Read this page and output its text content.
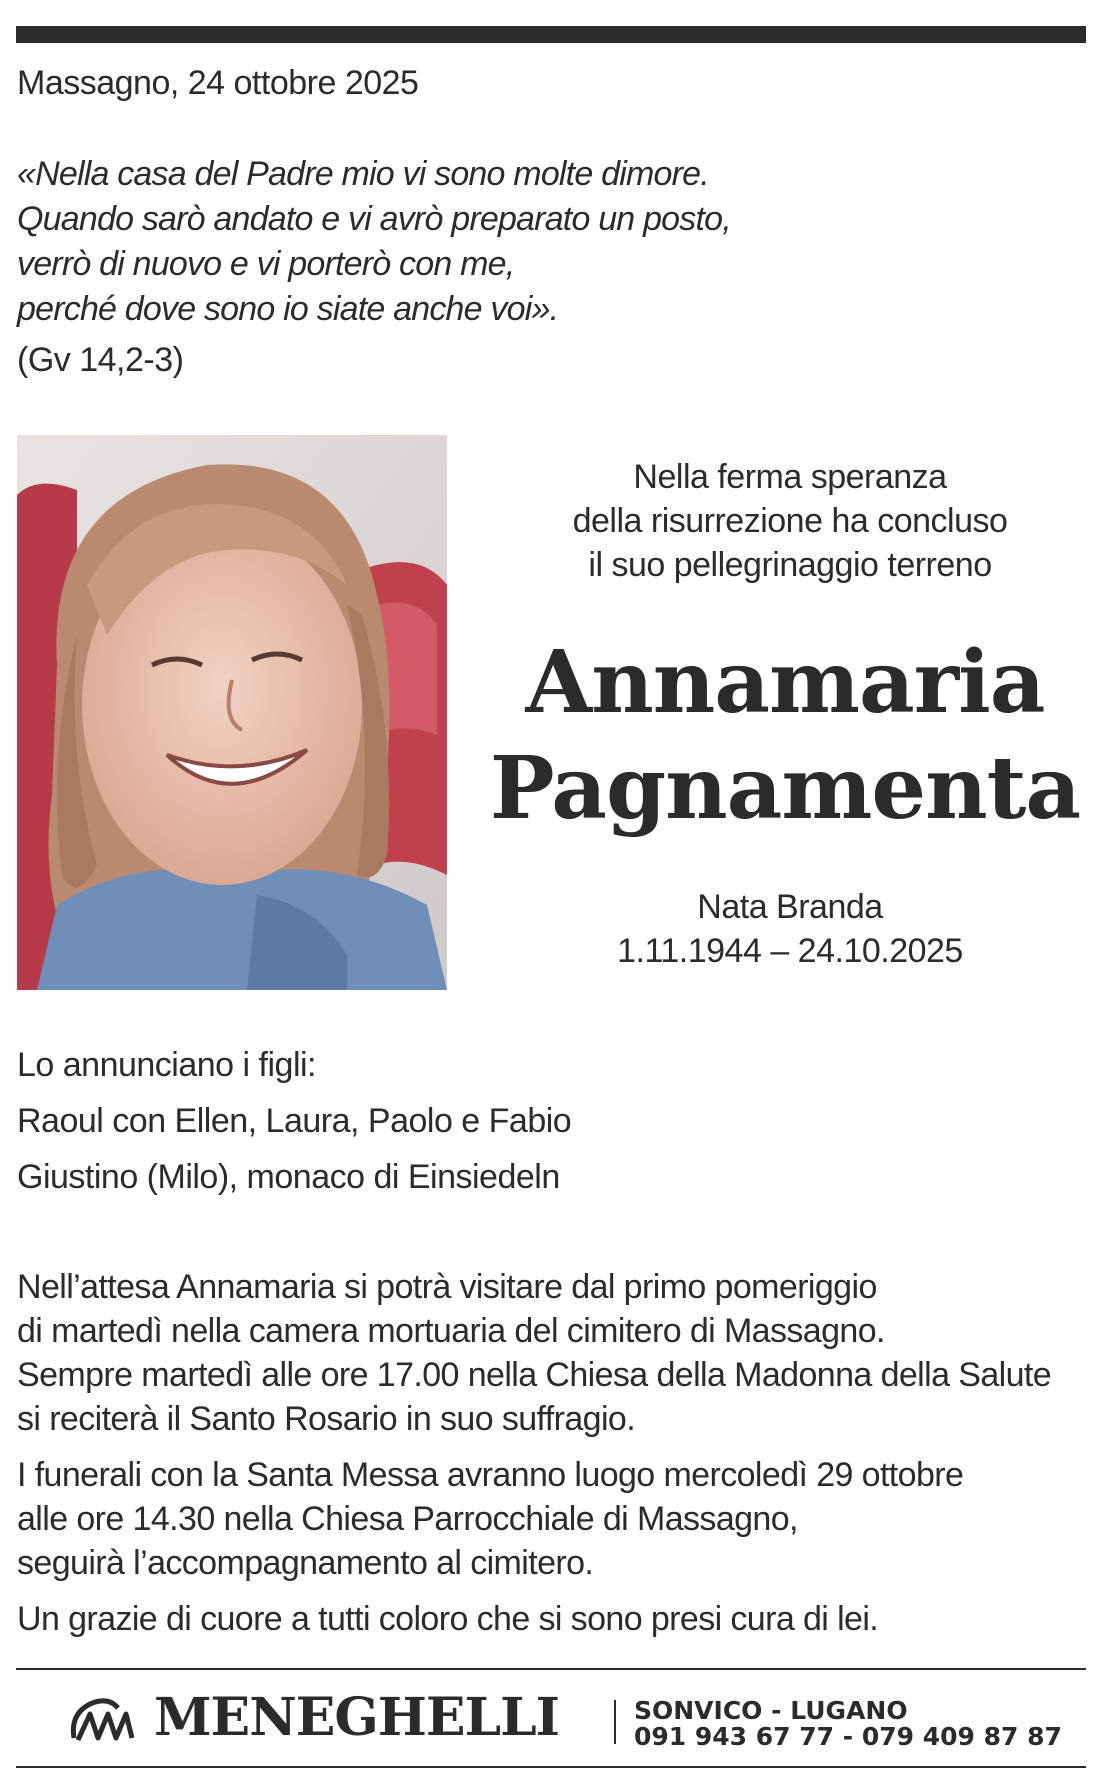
Massagno, 24 ottobre 2025
«Nella casa del Padre mio vi sono molte dimore.
Quando sarò andato e vi avrò preparato un posto,
verrò di nuovo e vi porterò con me,
perché dove sono io siate anche voi».
(Gv 14,2-3)
Nella ferma speranza
della risurrezione ha concluso
il suo pellegrinaggio terreno
Annamaria
Pagnamenta
Nata Branda
1.11.1944 – 24.10.2025
Lo annunciano i figli:
Raoul con Ellen, Laura, Paolo e Fabio
Giustino (Milo), monaco di Einsiedeln

Nell’attesa Annamaria si potrà visitare dal primo pomeriggio
di martedì nella camera mortuaria del cimitero di Massagno.
Sempre martedì alle ore 17.00 nella Chiesa della Madonna della Salute
si reciterà il Santo Rosario in suo suffragio.

I funerali con la Santa Messa avranno luogo mercoledì 29 ottobre
alle ore 14.30 nella Chiesa Parrocchiale di Massagno,
seguirà l’accompagnamento al cimitero.

Un grazie di cuore a tutti coloro che si sono presi cura di lei.

MENEGHELLI	SONVICO - LUGANO
091 943 67 77 - 079 409 87 87
